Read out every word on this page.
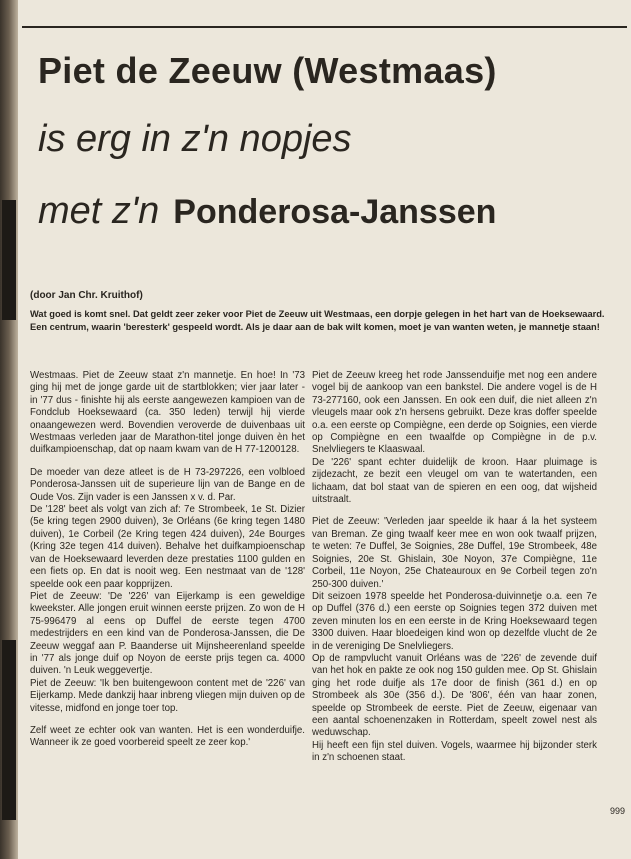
Piet de Zeeuw (Westmaas)
is erg in z'n nopjes
met z'n Ponderosa-Janssen
(door Jan Chr. Kruithof)
Wat goed is komt snel. Dat geldt zeer zeker voor Piet de Zeeuw uit Westmaas, een dorpje gelegen in het hart van de Hoeksewaard. Een centrum, waarin 'beresterk' gespeeld wordt. Als je daar aan de bak wilt komen, moet je van wanten weten, je mannetje staan!

Westmaas. Piet de Zeeuw staat z'n mannetje. En hoe! In '73 ging hij met de jonge garde uit de startblokken; vier jaar later - in '77 dus - finishte hij als eerste aangewezen kampioen van de Fondclub Hoeksewaard (ca. 350 leden) terwijl hij vierde onaangewezen werd. Bovendien veroverde de duivenbaas uit Westmaas verleden jaar de Marathon-titel jonge duiven èn het duifkampioenschap, dat op naam kwam van de H 77-1200128.

De moeder van deze atleet is de H 73-297226, een volbloed Ponderosa-Janssen uit de superieure lijn van de Bange en de Oude Vos. Zijn vader is een Janssen x v. d. Par.

De '128' beet als volgt van zich af: 7e Strombeek, 1e St. Dizier (5e kring tegen 2900 duiven), 3e Orléans (6e kring tegen 1480 duiven), 1e Corbeil (2e Kring tegen 424 duiven), 24e Bourges (Kring 32e tegen 414 duiven). Behalve het duifkampioenschap van de Hoeksewaard leverden deze prestaties 1100 gulden en een fiets op. En dat is nooit weg. Een nestmaat van de '128' speelde ook een paar kopprijzen.

Piet de Zeeuw: 'De '226' van Eijerkamp is een geweldige kweekster. Alle jongen eruit winnen eerste prijzen. Zo won de H 75-996479 al eens op Duffel de eerste tegen 4700 medestrijders en een kind van de Ponderosa-Janssen, die De Zeeuw weggaf aan P. Baanderse uit Mijnsheerenland speelde in '77 als jonge duif op Noyon de eerste prijs tegen ca. 4000 duiven. 'n Leuk weggevertje.

Piet de Zeeuw: 'Ik ben buitengewoon content met de '226' van Eijerkamp. Mede dankzij haar inbreng vliegen mijn duiven op de vitesse, midfond en jonge toer top.

Zelf weet ze echter ook van wanten. Het is een wonderduifje. Wanneer ik ze goed voorbereid speelt ze zeer kop.'

Piet de Zeeuw kreeg het rode Janssenduifje met nog een andere vogel bij de aankoop van een bankstel. Die andere vogel is de H 73-277160, ook een Janssen. En ook een duif, die niet alleen z'n vleugels maar ook z'n hersens gebruikt. Deze kras doffer speelde o.a. een eerste op Compiègne, een derde op Soignies, een vierde op Compiègne en een twaalfde op Compiègne in de p.v. Snelvliegers te Klaaswaal.
De '226' spant echter duidelijk de kroon. Haar pluimage is zijdezacht, ze bezit een vleugel om van te watertanden, een lichaam, dat bol staat van de spieren en een oog, dat wijsheid uitstraalt.

Piet de Zeeuw: 'Verleden jaar speelde ik haar á la het systeem van Breman. Ze ging twaalf keer mee en won ook twaalf prijzen, te weten: 7e Duffel, 3e Soignies, 28e Duffel, 19e Strombeek, 48e Soignies, 20e St. Ghislain, 30e Noyon, 37e Compiègne, 11e Corbeil, 11e Noyon, 25e Chateauroux en 9e Corbeil tegen zo'n 250-300 duiven.'
Dit seizoen 1978 speelde het Ponderosa-duivinnetje o.a. een 7e op Duffel (376 d.) een eerste op Soignies tegen 372 duiven met zeven minuten los en een eerste in de Kring Hoeksewaard tegen 3300 duiven. Haar bloedeigen kind won op dezelfde vlucht de 2e in de vereniging De Snelvliegers.
Op de rampvlucht vanuit Orléans was de '226' de zevende duif van het hok en pakte ze ook nog 150 gulden mee. Op St. Ghislain ging het rode duifje als 17e door de finish (361 d.) en op Strombeek als 30e (356 d.). De '806', één van haar zonen, speelde op Strombeek de eerste. Piet de Zeeuw, eigenaar van een aantal schoenenzaken in Rotterdam, speelt zowel nest als weduwschap.
Hij heeft een fijn stel duiven. Vogels, waarmee hij bijzonder sterk in z'n schoenen staat.

999
